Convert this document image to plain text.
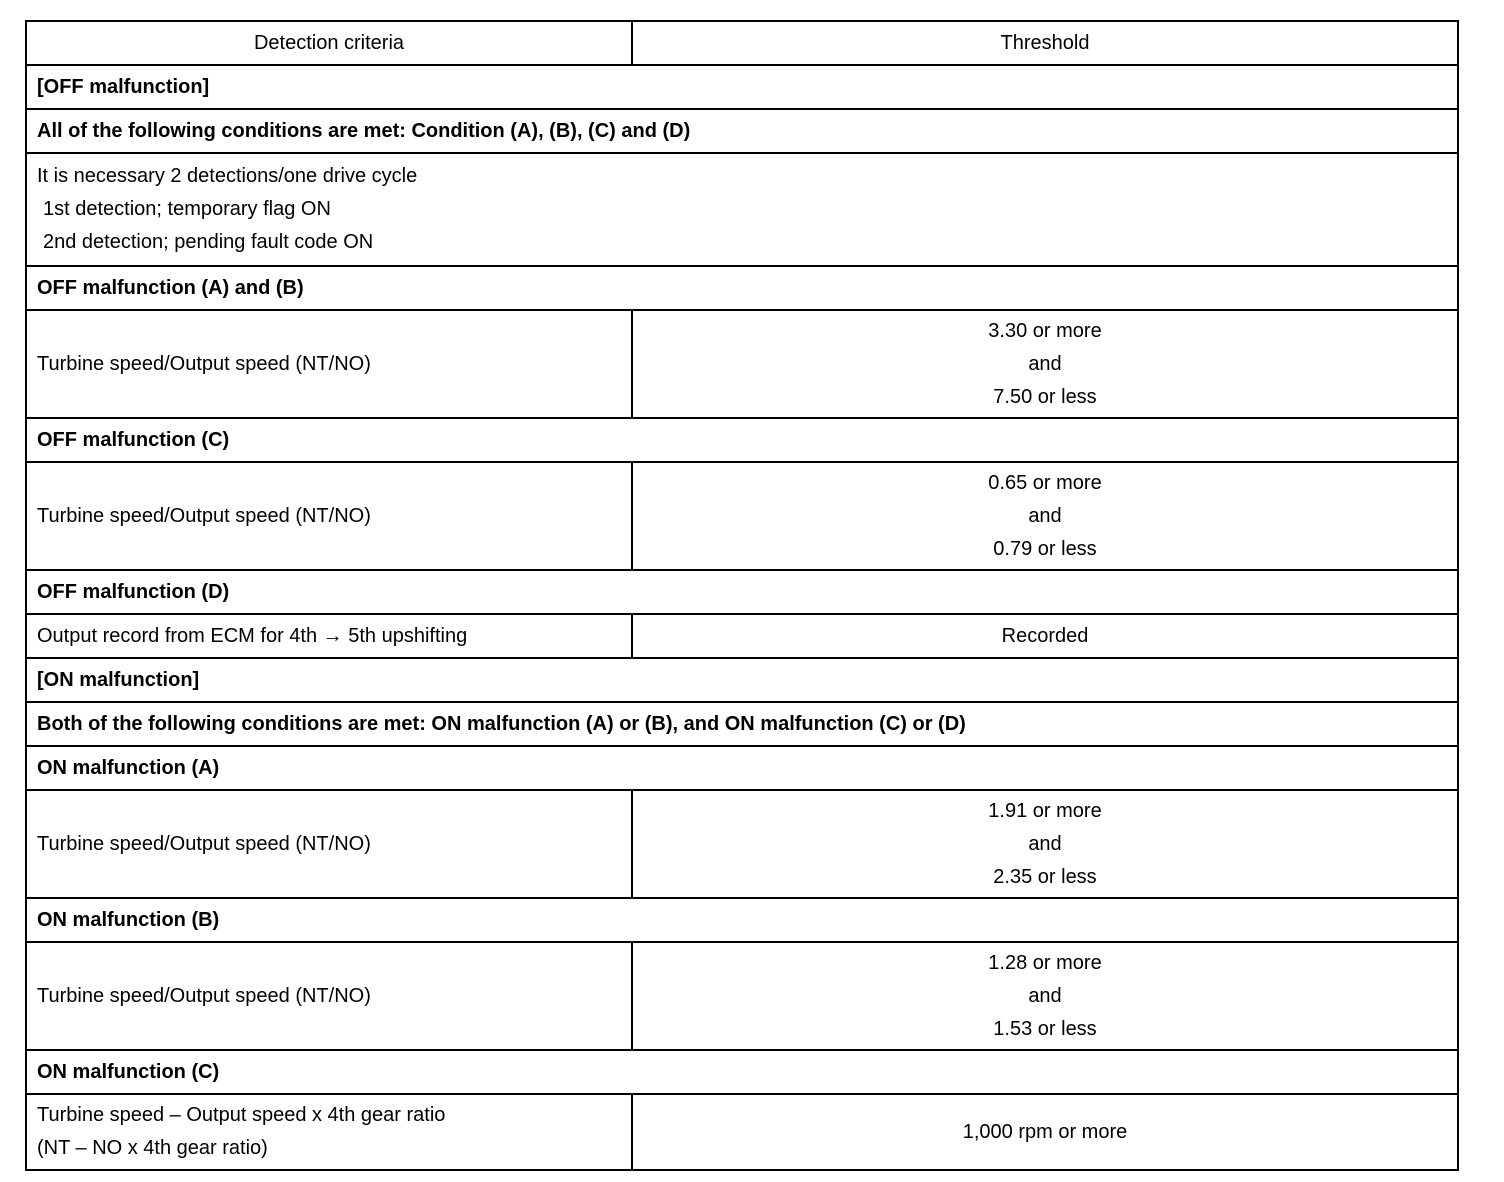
Detection criteria	Threshold
[OFF malfunction]	
All of the following conditions are met: Condition (A), (B), (C) and (D)	

It is necessary 2 detections/one drive cycle
1st detection; temporary flag ON
2nd detection; pending fault code ON	

OFF malfunction (A) and (B)	
Turbine speed/Output speed (NT/NO)	3.30 or more
and
7.50 or less

OFF malfunction (C)	
Turbine speed/Output speed (NT/NO)	0.65 or more
and
0.79 or less

OFF malfunction (D)	
Output record from ECM for 4th → 5th upshifting	Recorded
[ON malfunction]	
Both of the following conditions are met: ON malfunction (A) or (B), and ON malfunction (C) or (D)	
ON malfunction (A)	
Turbine speed/Output speed (NT/NO)	1.91 or more
and
2.35 or less

ON malfunction (B)	
Turbine speed/Output speed (NT/NO)	1.28 or more
and
1.53 or less

ON malfunction (C)	

Turbine speed – Output speed x 4th gear ratio
(NT – NO x 4th gear ratio)	1,000 rpm or more
